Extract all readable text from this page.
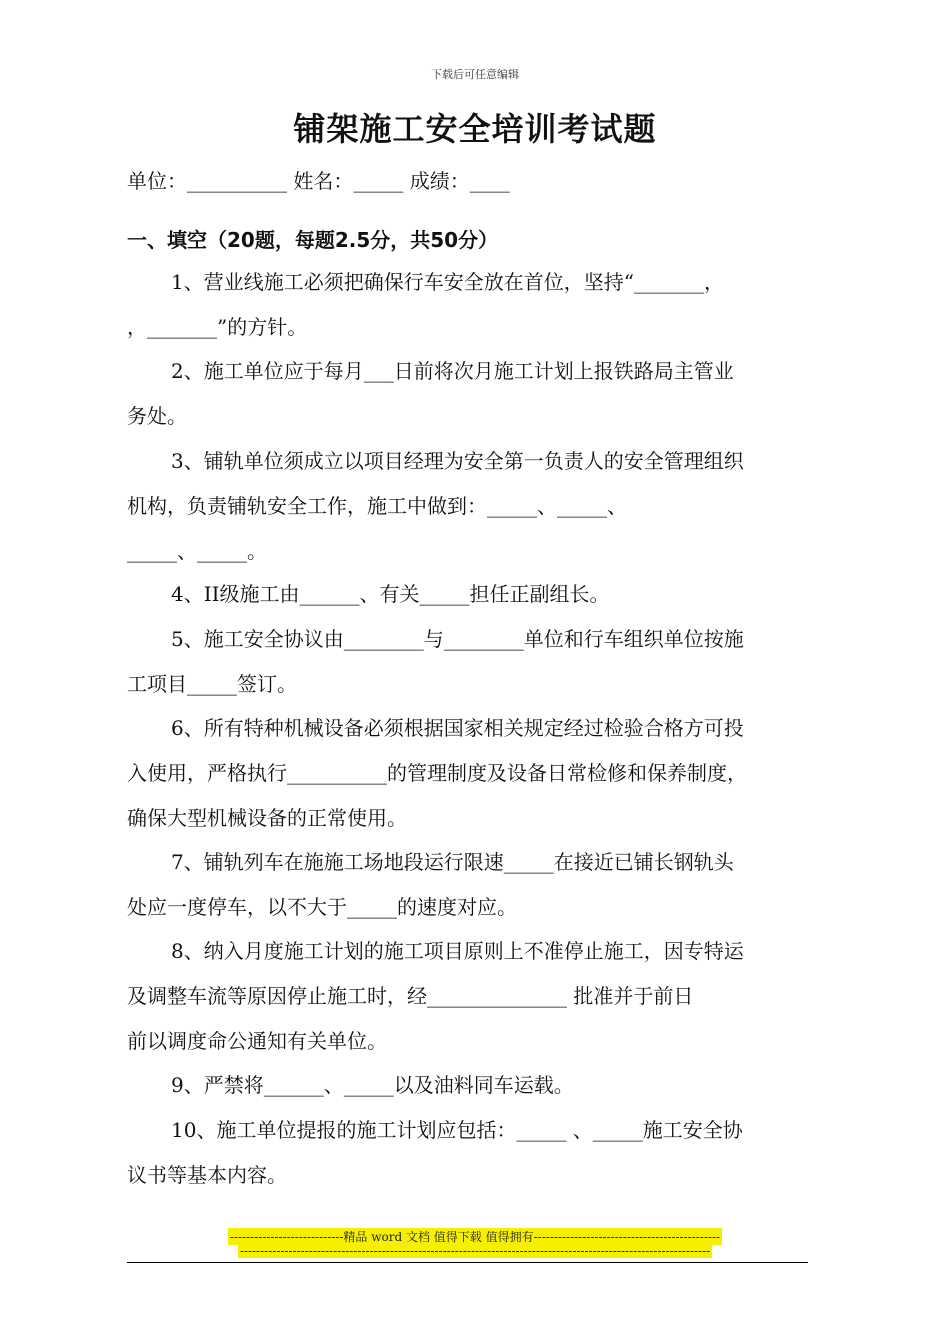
下载后可任意编辑
铺架施工安全培训考试题
单位：__________ 姓名：_____ 成绩：____
一、填空（20题，每题2.5分，共50分）
1、营业线施工必须把确保行车安全放在首位，坚持“_______，
，_______”的方针。
2、施工单位应于每月___日前将次月施工计划上报铁路局主管业
务处。
3、铺轨单位须成立以项目经理为安全第一负责人的安全管理组织
机构，负责铺轨安全工作，施工中做到：_____、_____、
_____、_____。
4、II级施工由______、有关_____担任正副组长。
5、施工安全协议由________与________单位和行车组织单位按施
工项目_____签订。
6、所有特种机械设备必须根据国家相关规定经过检验合格方可投
入使用，严格执行__________的管理制度及设备日常检修和保养制度，
确保大型机械设备的正常使用。
7、铺轨列车在施施工场地段运行限速_____在接近已铺长钢轨头
处应一度停车，以不大于_____的速度对应。
8、纳入月度施工计划的施工项目原则上不准停止施工，因专特运
及调整车流等原因停止施工时，经______________ 批准并于前日
前以调度命公通知有关单位。
9、严禁将______、_____以及油料同车运载。
10、施工单位提报的施工计划应包括：_____ 、_____施工安全协
议书等基本内容。
----------------------------精品 word 文档 值得下载 值得拥有----------------------------------------------
--------------------------------------------------------------------------------------------------------------------
